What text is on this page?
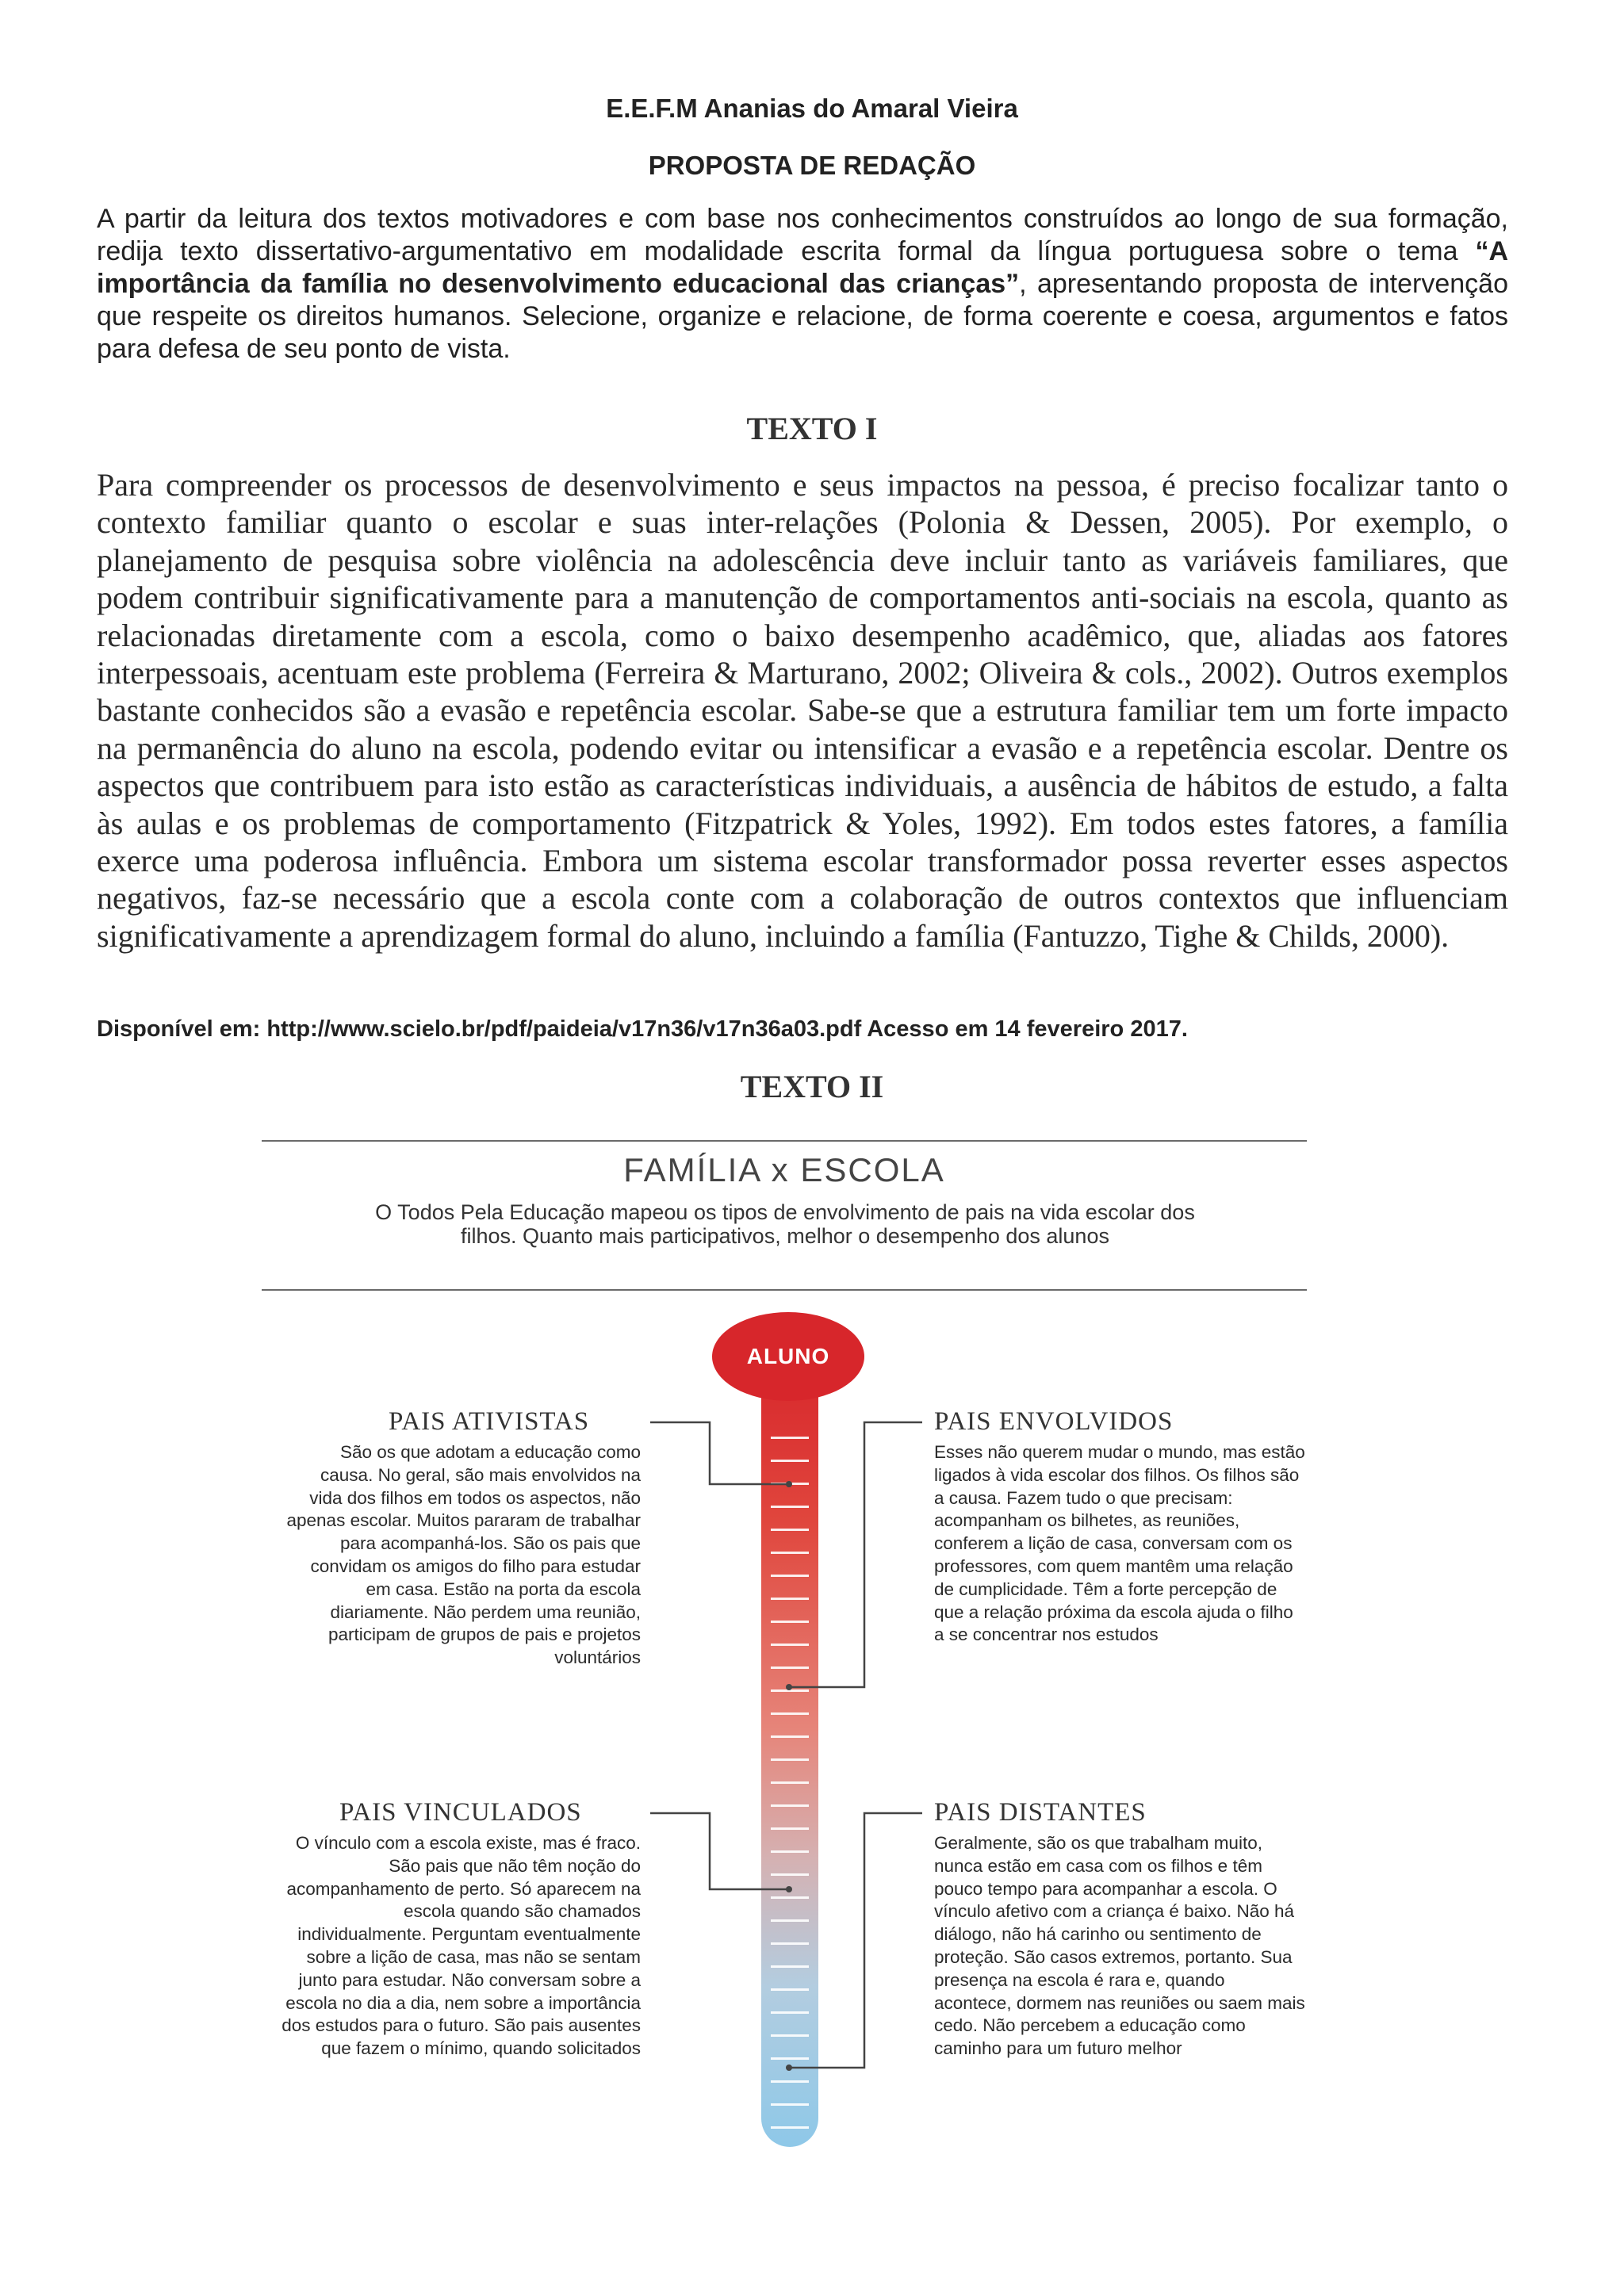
E.E.F.M Ananias do Amaral Vieira
PROPOSTA DE REDAÇÃO
A partir da leitura dos textos motivadores e com base nos conhecimentos construídos ao longo de sua formação, redija texto dissertativo-argumentativo em modalidade escrita formal da língua portuguesa sobre o tema “A importância da família no desenvolvimento educacional das crianças”, apresentando proposta de intervenção que respeite os direitos humanos. Selecione, organize e relacione, de forma coerente e coesa, argumentos e fatos para defesa de seu ponto de vista.
TEXTO I
Para compreender os processos de desenvolvimento e seus impactos na pessoa, é preciso focalizar tanto o contexto familiar quanto o escolar e suas inter-relações (Polonia & Dessen, 2005). Por exemplo, o planejamento de pesquisa sobre violência na adolescência deve incluir tanto as variáveis familiares, que podem contribuir significativamente para a manutenção de comportamentos anti-sociais na escola, quanto as relacionadas diretamente com a escola, como o baixo desempenho acadêmico, que, aliadas aos fatores interpessoais, acentuam este problema (Ferreira & Marturano, 2002; Oliveira & cols., 2002). Outros exemplos bastante conhecidos são a evasão e repetência escolar. Sabe-se que a estrutura familiar tem um forte impacto na permanência do aluno na escola, podendo evitar ou intensificar a evasão e a repetência escolar. Dentre os aspectos que contribuem para isto estão as características individuais, a ausência de hábitos de estudo, a falta às aulas e os problemas de comportamento (Fitzpatrick & Yoles, 1992). Em todos estes fatores, a família exerce uma poderosa influência. Embora um sistema escolar transformador possa reverter esses aspectos negativos, faz-se necessário que a escola conte com a colaboração de outros contextos que influenciam significativamente a aprendizagem formal do aluno, incluindo a família (Fantuzzo, Tighe & Childs, 2000).
Disponível em: http://www.scielo.br/pdf/paideia/v17n36/v17n36a03.pdf Acesso em 14 fevereiro 2017.
TEXTO II
FAMÍLIA x ESCOLA
O Todos Pela Educação mapeou os tipos de envolvimento de pais na vida escolar dos filhos. Quanto mais participativos, melhor o desempenho dos alunos
ALUNO
PAIS ATIVISTAS
São os que adotam a educação como causa. No geral, são mais envolvidos na vida dos filhos em todos os aspectos, não apenas escolar. Muitos pararam de trabalhar para acompanhá-los. São os pais que convidam os amigos do filho para estudar em casa. Estão na porta da escola diariamente. Não perdem uma reunião, participam de grupos de pais e projetos voluntários
PAIS ENVOLVIDOS
Esses não querem mudar o mundo, mas estão ligados à vida escolar dos filhos. Os filhos são a causa. Fazem tudo o que precisam: acompanham os bilhetes, as reuniões, conferem a lição de casa, conversam com os professores, com quem mantêm uma relação de cumplicidade. Têm a forte percepção de que a relação próxima da escola ajuda o filho a se concentrar nos estudos
PAIS VINCULADOS
O vínculo com a escola existe, mas é fraco. São pais que não têm noção do acompanhamento de perto. Só aparecem na escola quando são chamados individualmente. Perguntam eventualmente sobre a lição de casa, mas não se sentam junto para estudar. Não conversam sobre a escola no dia a dia, nem sobre a importância dos estudos para o futuro. São pais ausentes que fazem o mínimo, quando solicitados
PAIS DISTANTES
Geralmente, são os que trabalham muito, nunca estão em casa com os filhos e têm pouco tempo para acompanhar a escola. O vínculo afetivo com a criança é baixo. Não há diálogo, não há carinho ou sentimento de proteção. São casos extremos, portanto. Sua presença na escola é rara e, quando acontece, dormem nas reuniões ou saem mais cedo. Não percebem a educação como caminho para um futuro melhor
